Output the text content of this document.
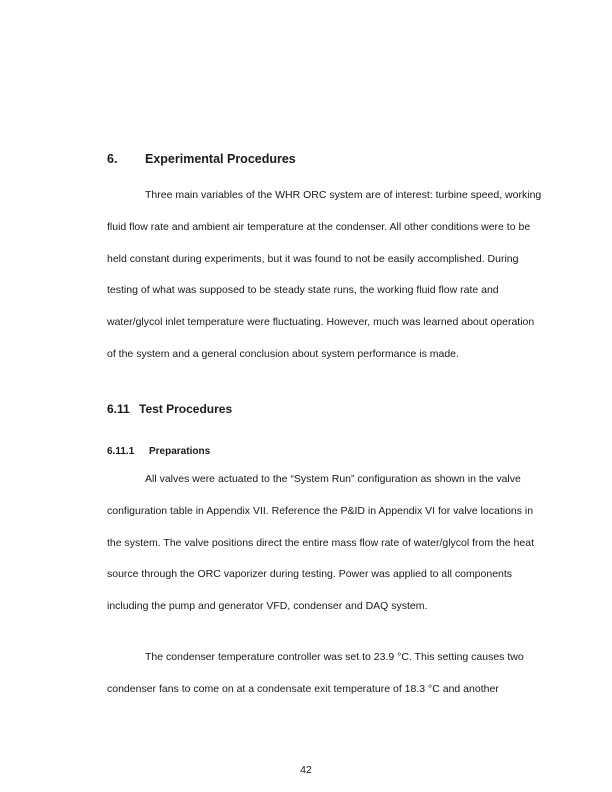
6. Experimental Procedures

Three main variables of the WHR ORC system are of interest: turbine speed, working fluid flow rate and ambient air temperature at the condenser. All other conditions were to be held constant during experiments, but it was found to not be easily accomplished. During testing of what was supposed to be steady state runs, the working fluid flow rate and water/glycol inlet temperature were fluctuating. However, much was learned about operation of the system and a general conclusion about system performance is made.

6.11 Test Procedures
6.11.1 Preparations

All valves were actuated to the “System Run” configuration as shown in the valve configuration table in Appendix VII. Reference the P&ID in Appendix VI for valve locations in the system. The valve positions direct the entire mass flow rate of water/glycol from the heat source through the ORC vaporizer during testing. Power was applied to all components including the pump and generator VFD, condenser and DAQ system.

The condenser temperature controller was set to 23.9 °C. This setting causes two condenser fans to come on at a condensate exit temperature of 18.3 °C and another

42
